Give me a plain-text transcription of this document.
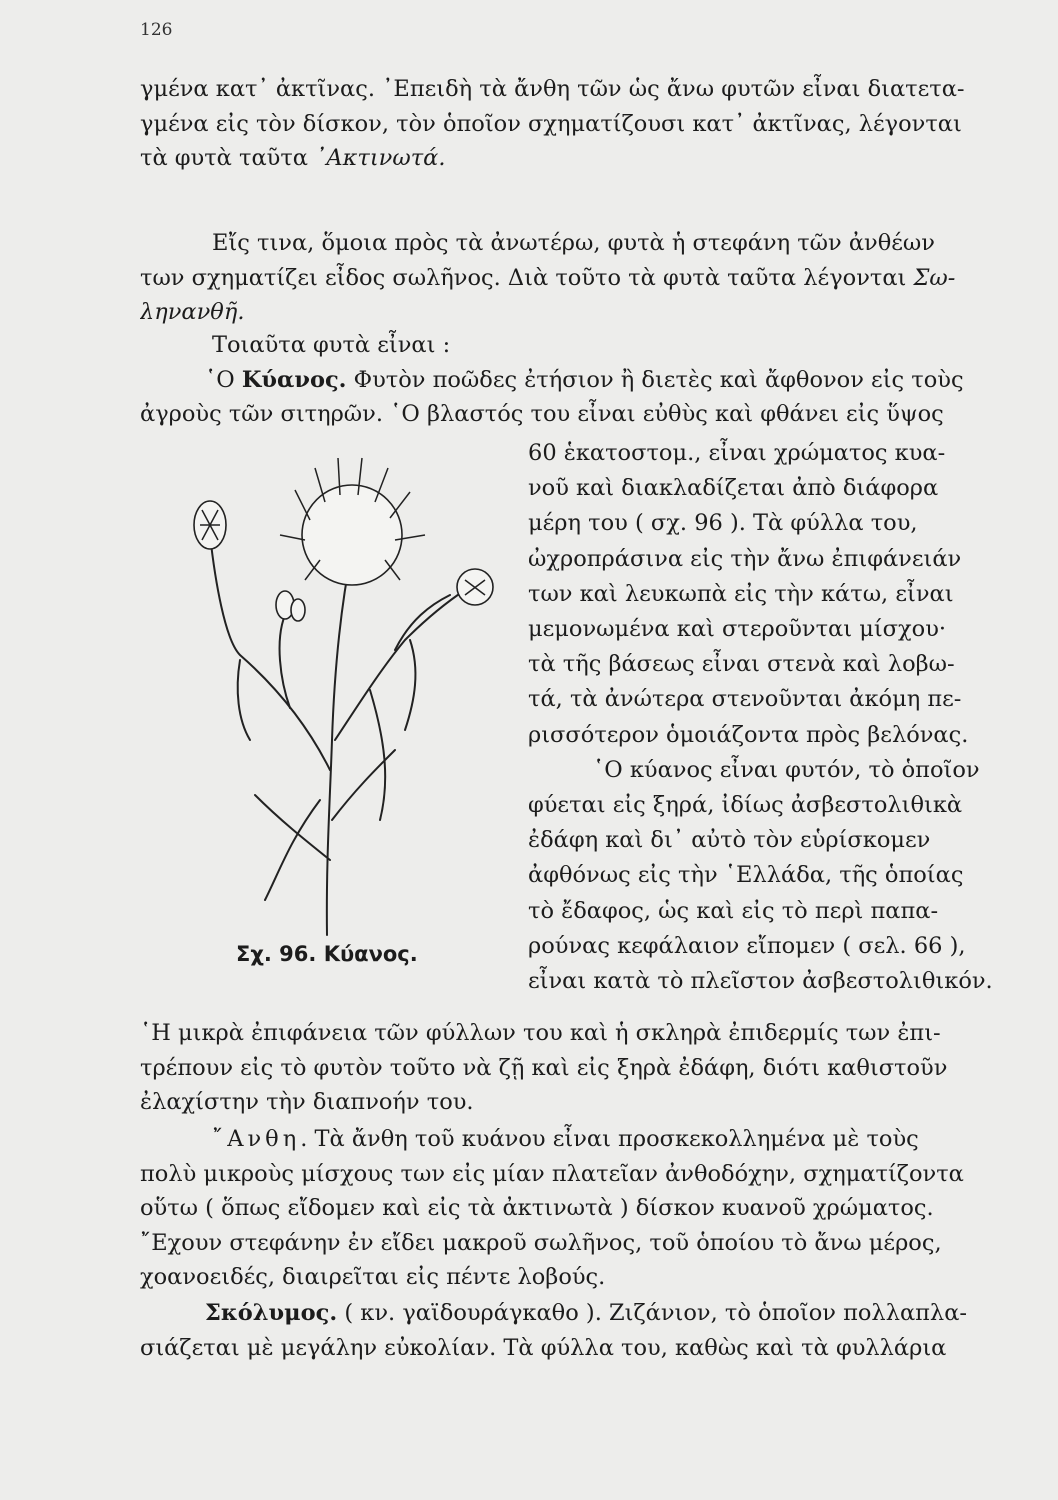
126
γμένα κατ᾽ ἀκτῖνας. ᾽Επειδὴ τὰ ἄνθη τῶν ὡς ἄνω φυτῶν εἶναι διατετα-
γμένα εἰς τὸν δίσκον, τὸν ὁποῖον σχηματίζουσι κατ᾽ ἀκτῖνας, λέγονται
τὰ φυτὰ ταῦτα ᾽Ακτινωτά.
Εἴς τινα, ὅμοια πρὸς τὰ ἀνωτέρω, φυτὰ ἡ στεφάνη τῶν ἀνθέων
των σχηματίζει εἶδος σωλῆνος. Διὰ τοῦτο τὰ φυτὰ ταῦτα λέγονται Σω-
ληνανθῆ.
Τοιαῦτα φυτὰ εἶναι :
῾Ο Κύανος. Φυτὸν ποῶδες ἐτήσιον ἢ διετὲς καὶ ἄφθονον εἰς τοὺς
ἀγροὺς τῶν σιτηρῶν. ῾Ο βλαστός του εἶναι εὐθὺς καὶ φθάνει εἰς ὕψος
Σχ. 96. Κύανος.
60 ἑκατοστομ., εἶναι χρώματος κυα-
νοῦ καὶ διακλαδίζεται ἀπὸ διάφορα
μέρη του ( σχ. 96 ). Τὰ φύλλα του,
ὠχροπράσινα εἰς τὴν ἄνω ἐπιφάνειάν
των καὶ λευκωπὰ εἰς τὴν κάτω, εἶναι
μεμονωμένα καὶ στεροῦνται μίσχου·
τὰ τῆς βάσεως εἶναι στενὰ καὶ λοβω-
τά, τὰ ἀνώτερα στενοῦνται ἀκόμη πε-
ρισσότερον ὁμοιάζοντα πρὸς βελόνας.
῾Ο κύανος εἶναι φυτόν, τὸ ὁποῖον
φύεται εἰς ξηρά, ἰδίως ἀσβεστολιθικὰ
ἐδάφη καὶ δι᾽ αὐτὸ τὸν εὑρίσκομεν
ἀφθόνως εἰς τὴν ῾Ελλάδα, τῆς ὁποίας
τὸ ἔδαφος, ὡς καὶ εἰς τὸ περὶ παπα-
ρούνας κεφάλαιον εἴπομεν ( σελ. 66 ),
εἶναι κατὰ τὸ πλεῖστον ἀσβεστολιθικόν.
῾Η μικρὰ ἐπιφάνεια τῶν φύλλων του καὶ ἡ σκληρὰ ἐπιδερμίς των ἐπι-
τρέπουν εἰς τὸ φυτὸν τοῦτο νὰ ζῇ καὶ εἰς ξηρὰ ἐδάφη, διότι καθιστοῦν
ἐλαχίστην τὴν διαπνοήν του.
῎Ανθη. Τὰ ἄνθη τοῦ κυάνου εἶναι προσκεκολλημένα μὲ τοὺς
πολὺ μικροὺς μίσχους των εἰς μίαν πλατεῖαν ἀνθοδόχην, σχηματίζοντα
οὕτω ( ὅπως εἴδομεν καὶ εἰς τὰ ἀκτινωτὰ ) δίσκον κυανοῦ χρώματος.
῎Εχουν στεφάνην ἐν εἴδει μακροῦ σωλῆνος, τοῦ ὁποίου τὸ ἄνω μέρος,
χοανοειδές, διαιρεῖται εἰς πέντε λοβούς.
Σκόλυμος. ( κν. γαϊδουράγκαθο ). Ζιζάνιον, τὸ ὁποῖον πολλαπλα-
σιάζεται μὲ μεγάλην εὐκολίαν. Τὰ φύλλα του, καθὼς καὶ τὰ φυλλάρια
